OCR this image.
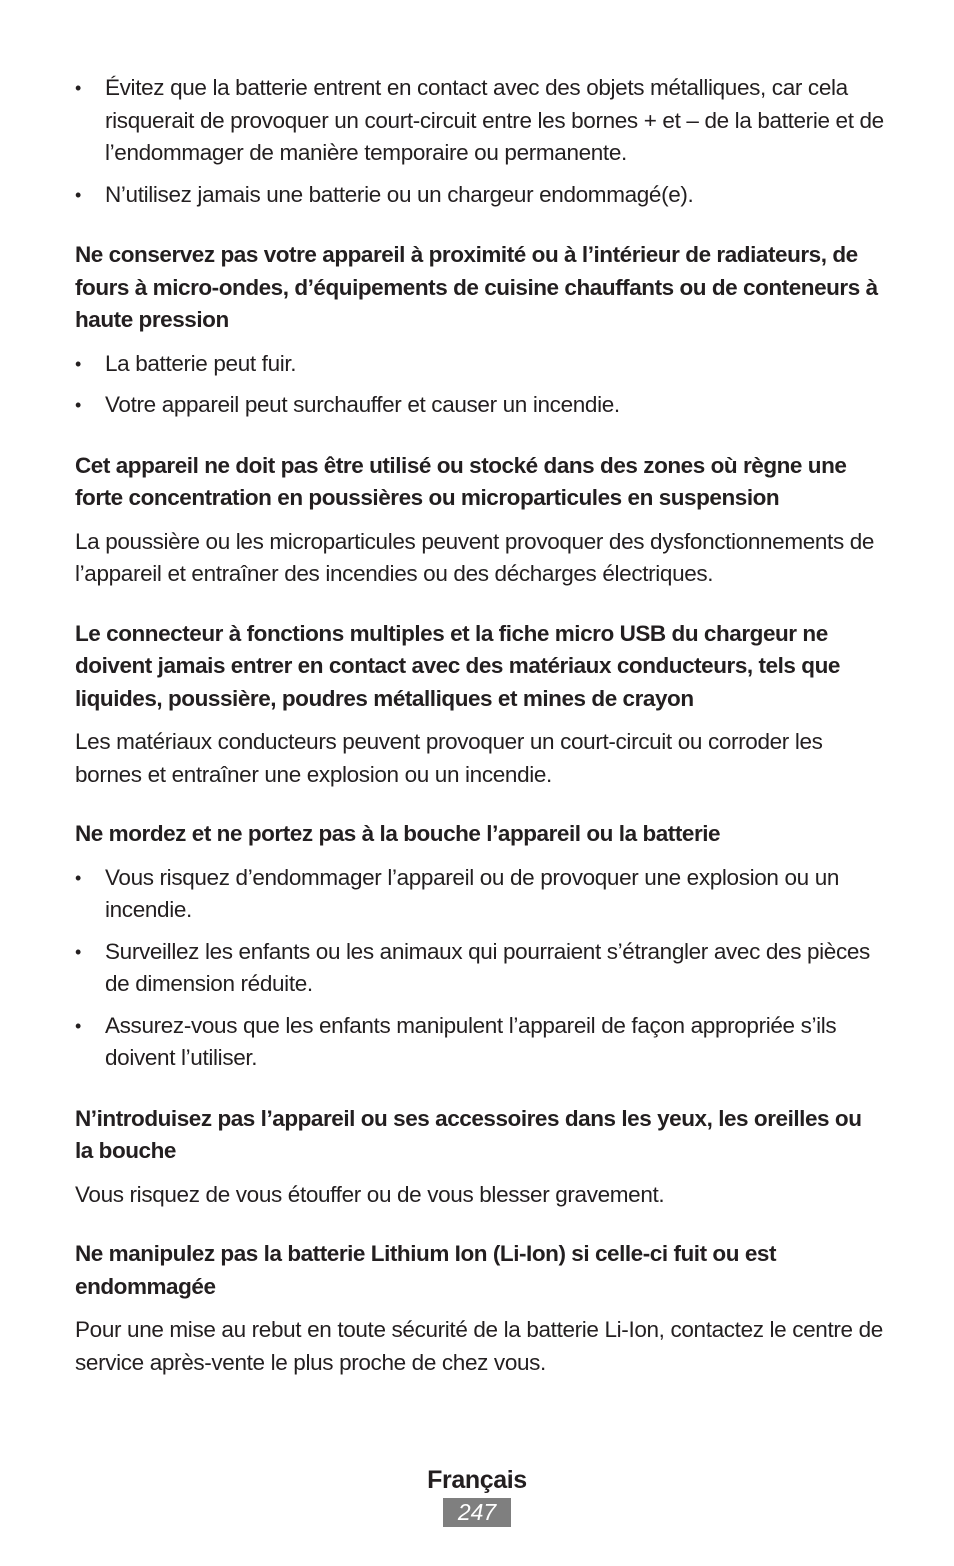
• Évitez que la batterie entrent en contact avec des objets métalliques, car cela risquerait de provoquer un court-circuit entre les bornes + et – de la batterie et de l’endommager de manière temporaire ou permanente.
• N’utilisez jamais une batterie ou un chargeur endommagé(e).
Ne conservez pas votre appareil à proximité ou à l’intérieur de radiateurs, de fours à micro-ondes, d’équipements de cuisine chauffants ou de conteneurs à haute pression
• La batterie peut fuir.
• Votre appareil peut surchauffer et causer un incendie.
Cet appareil ne doit pas être utilisé ou stocké dans des zones où règne une forte concentration en poussières ou microparticules en suspension

La poussière ou les microparticules peuvent provoquer des dysfonctionnements de l’appareil et entraîner des incendies ou des décharges électriques.

Le connecteur à fonctions multiples et la fiche micro USB du chargeur ne doivent jamais entrer en contact avec des matériaux conducteurs, tels que liquides, poussière, poudres métalliques et mines de crayon

Les matériaux conducteurs peuvent provoquer un court-circuit ou corroder les bornes et entraîner une explosion ou un incendie.

Ne mordez et ne portez pas à la bouche l’appareil ou la batterie
• Vous risquez d’endommager l’appareil ou de provoquer une explosion ou un incendie.
• Surveillez les enfants ou les animaux qui pourraient s’étrangler avec des pièces de dimension réduite.
• Assurez-vous que les enfants manipulent l’appareil de façon appropriée s’ils doivent l’utiliser.
N’introduisez pas l’appareil ou ses accessoires dans les yeux, les oreilles ou la bouche

Vous risquez de vous étouffer ou de vous blesser gravement.

Ne manipulez pas la batterie Lithium Ion (Li-Ion) si celle-ci fuit ou est endommagée

Pour une mise au rebut en toute sécurité de la batterie Li-Ion, contactez le centre de service après-vente le plus proche de chez vous.

Français
247
